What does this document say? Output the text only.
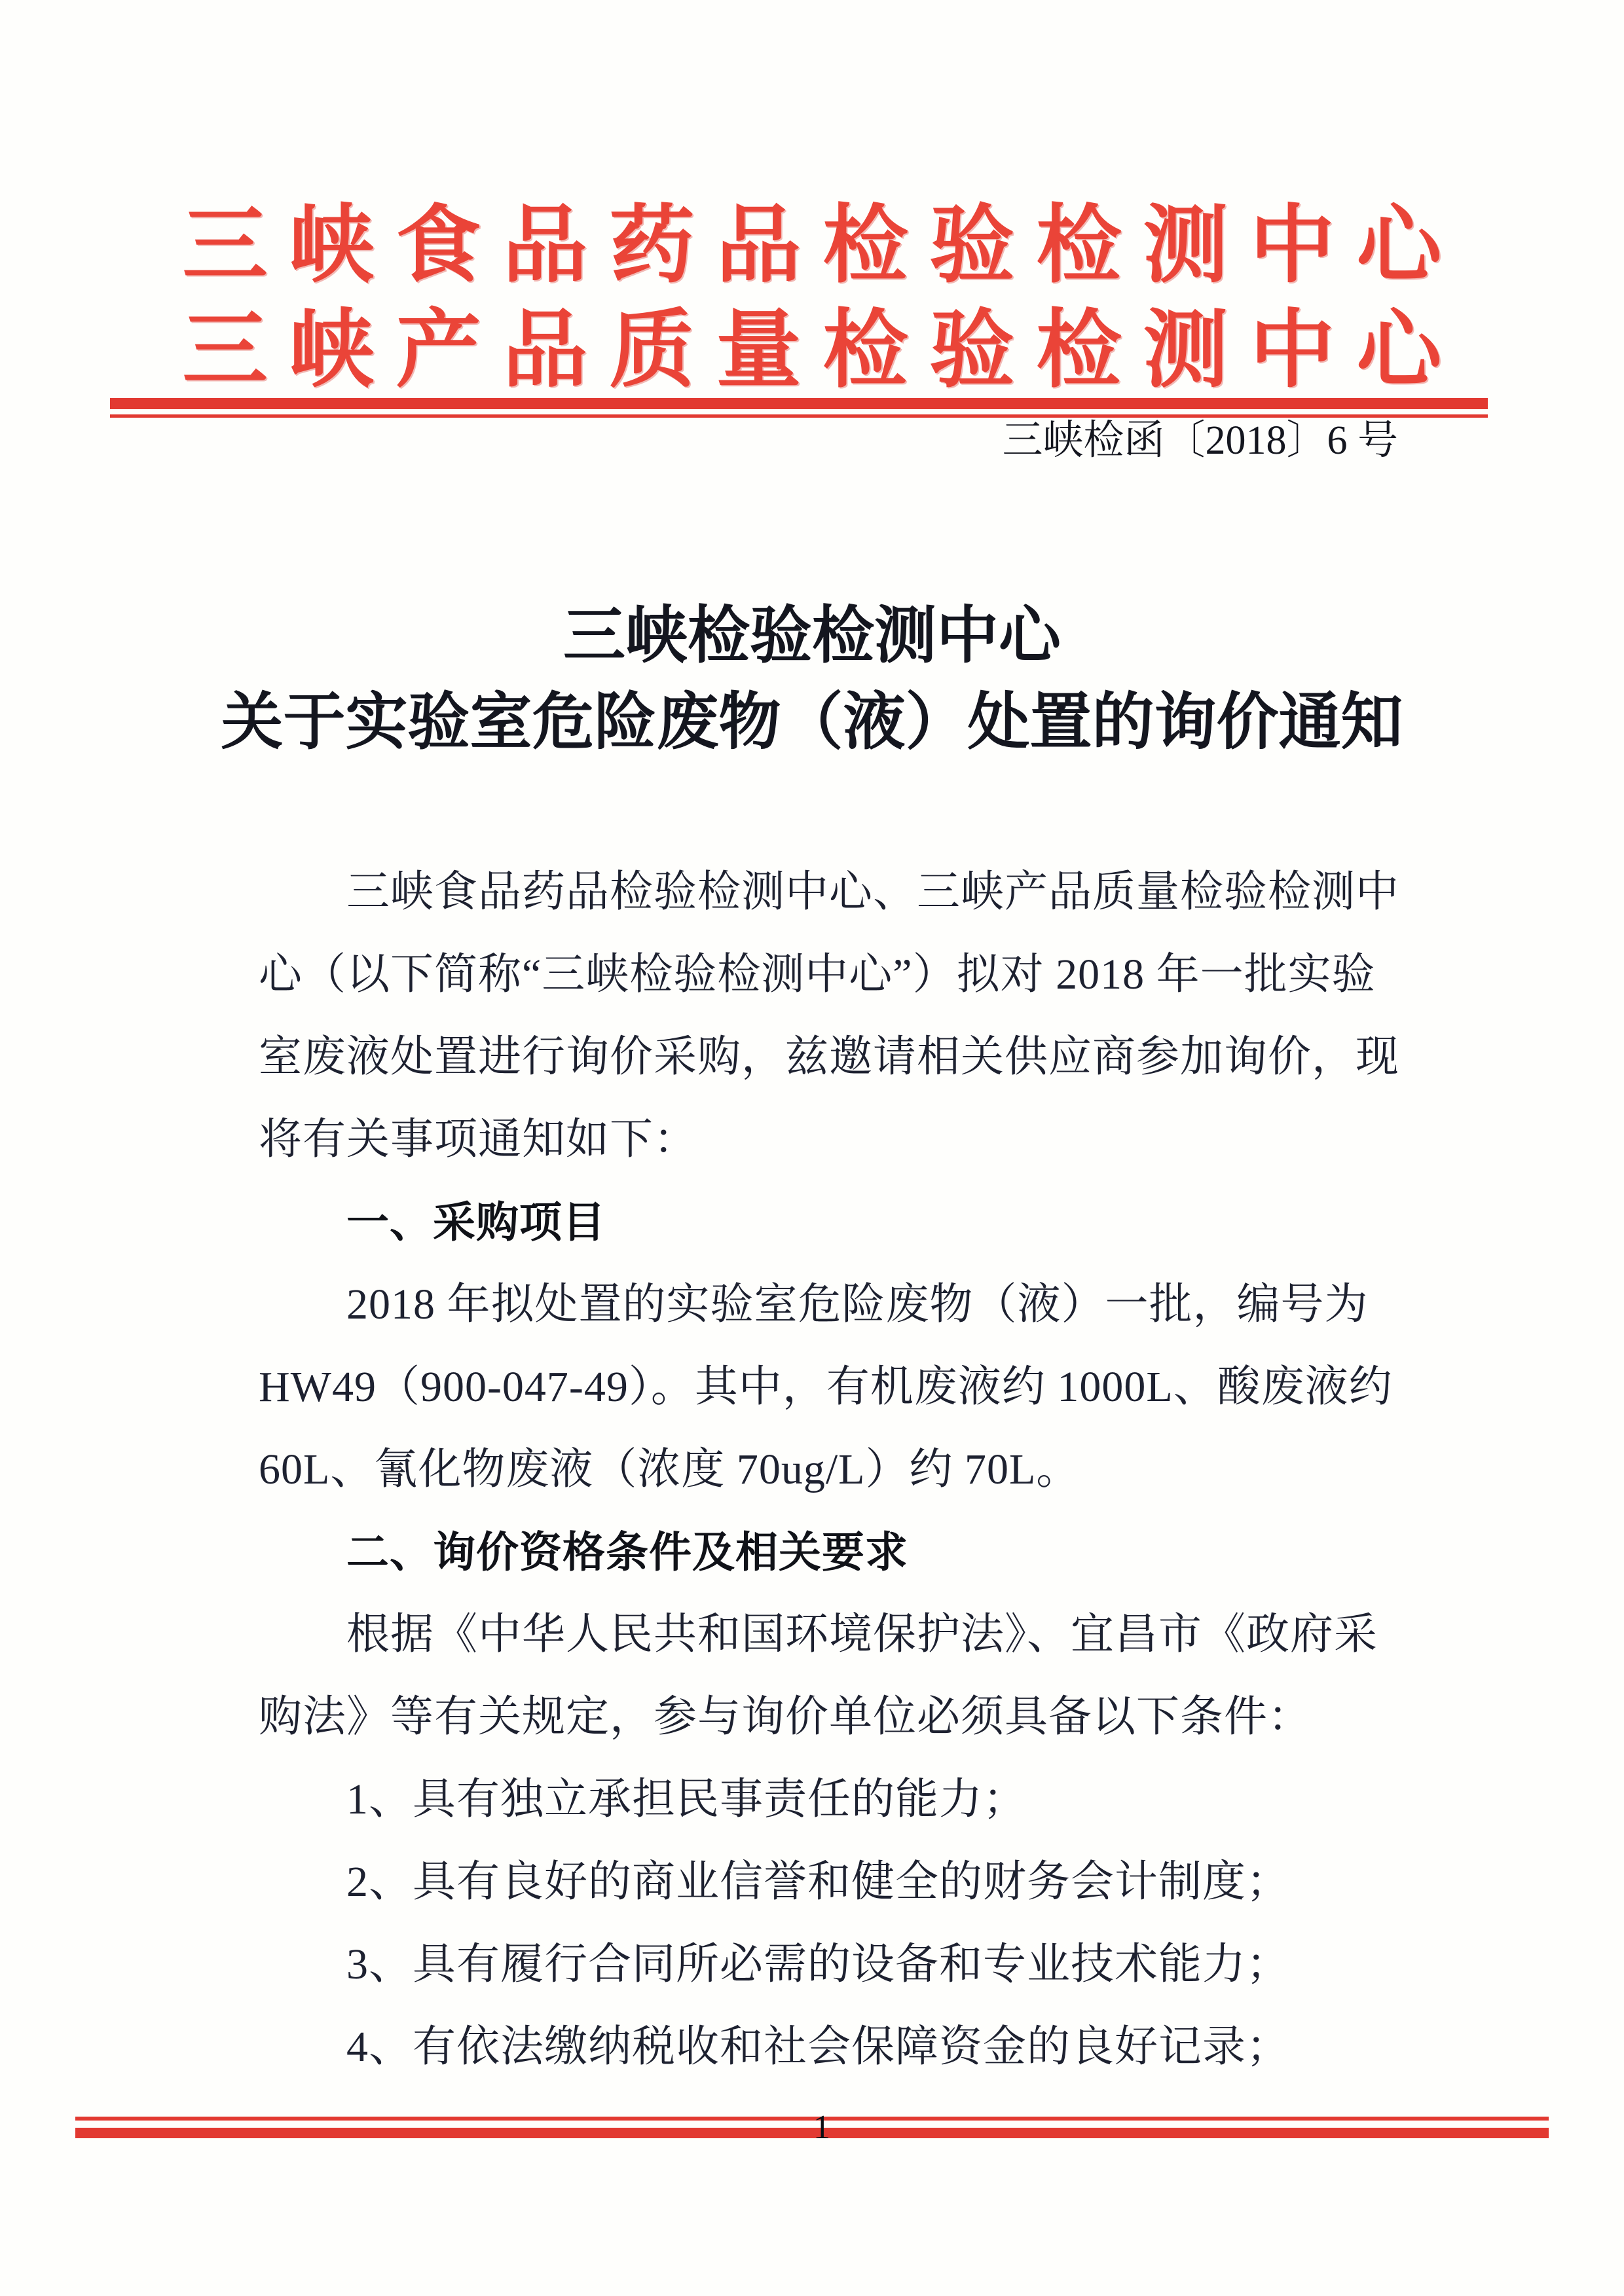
三峡食品药品检验检测中心
三峡产品质量检验检测中心
三峡检函〔2018〕6 号
三峡检验检测中心
关于实验室危险废物（液）处置的询价通知
三峡食品药品检验检测中心、三峡产品质量检验检测中
心（以下简称“三峡检验检测中心”）拟对 2018 年一批实验
室废液处置进行询价采购，兹邀请相关供应商参加询价，现
将有关事项通知如下：
一、采购项目
2018 年拟处置的实验室危险废物（液）一批，编号为
HW49（900-047-49）。其中，有机废液约 1000L、酸废液约
60L、氰化物废液（浓度 70ug/L）约 70L。
二、询价资格条件及相关要求
根据《中华人民共和国环境保护法》、宜昌市《政府采
购法》等有关规定，参与询价单位必须具备以下条件：
1、具有独立承担民事责任的能力；
2、具有良好的商业信誉和健全的财务会计制度；
3、具有履行合同所必需的设备和专业技术能力；
4、有依法缴纳税收和社会保障资金的良好记录；
1
